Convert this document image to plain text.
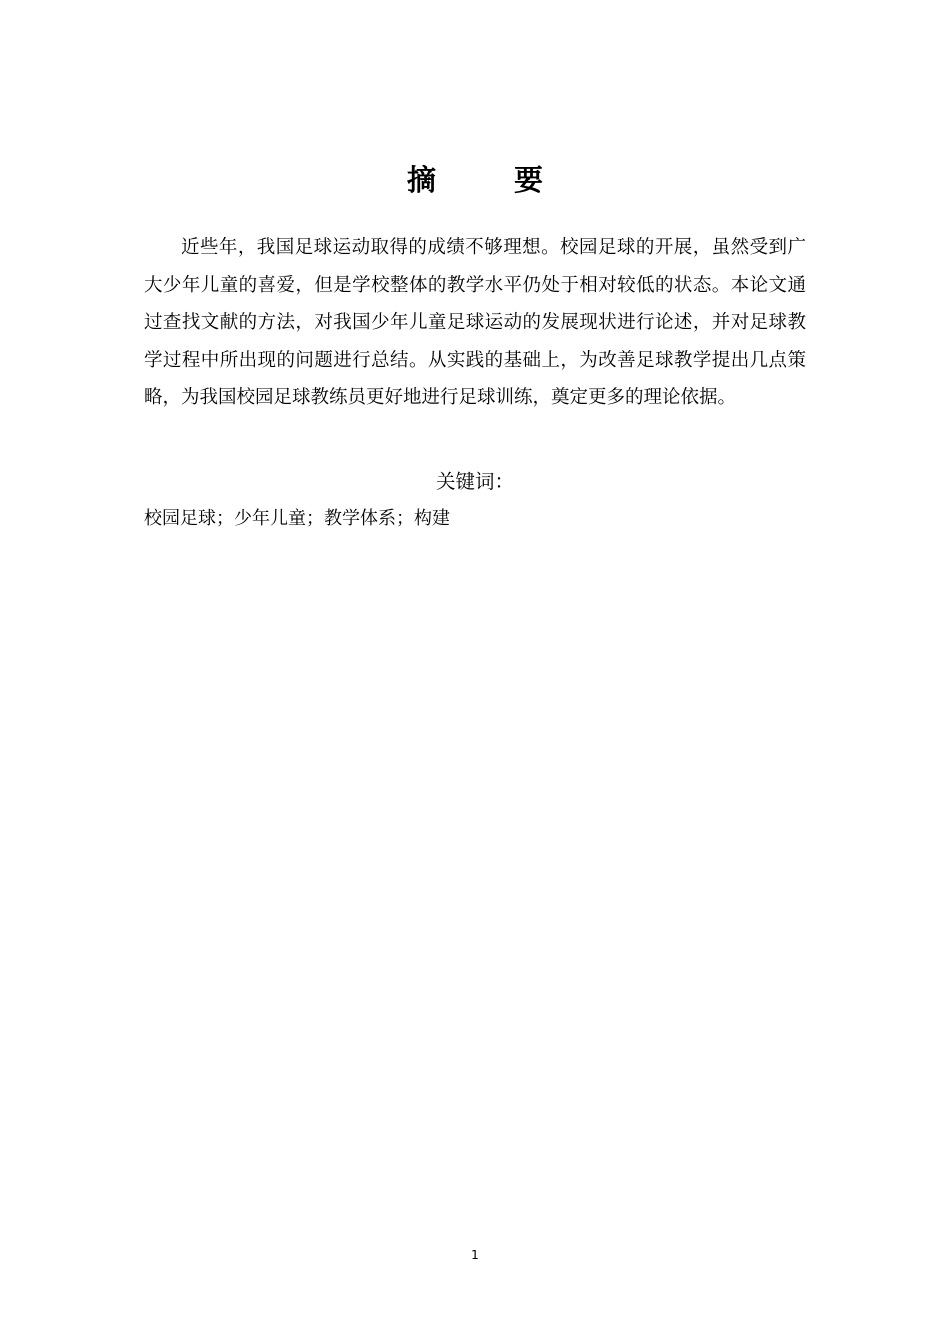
摘 要

近些年，我国足球运动取得的成绩不够理想。校园足球的开展，虽然受到广大少年儿童的喜爱，但是学校整体的教学水平仍处于相对较低的状态。本论文通过查找文献的方法，对我国少年儿童足球运动的发展现状进行论述，并对足球教学过程中所出现的问题进行总结。从实践的基础上，为改善足球教学提出几点策略，为我国校园足球教练员更好地进行足球训练，奠定更多的理论依据。

关键词：
校园足球；少年儿童；教学体系；构建
1
